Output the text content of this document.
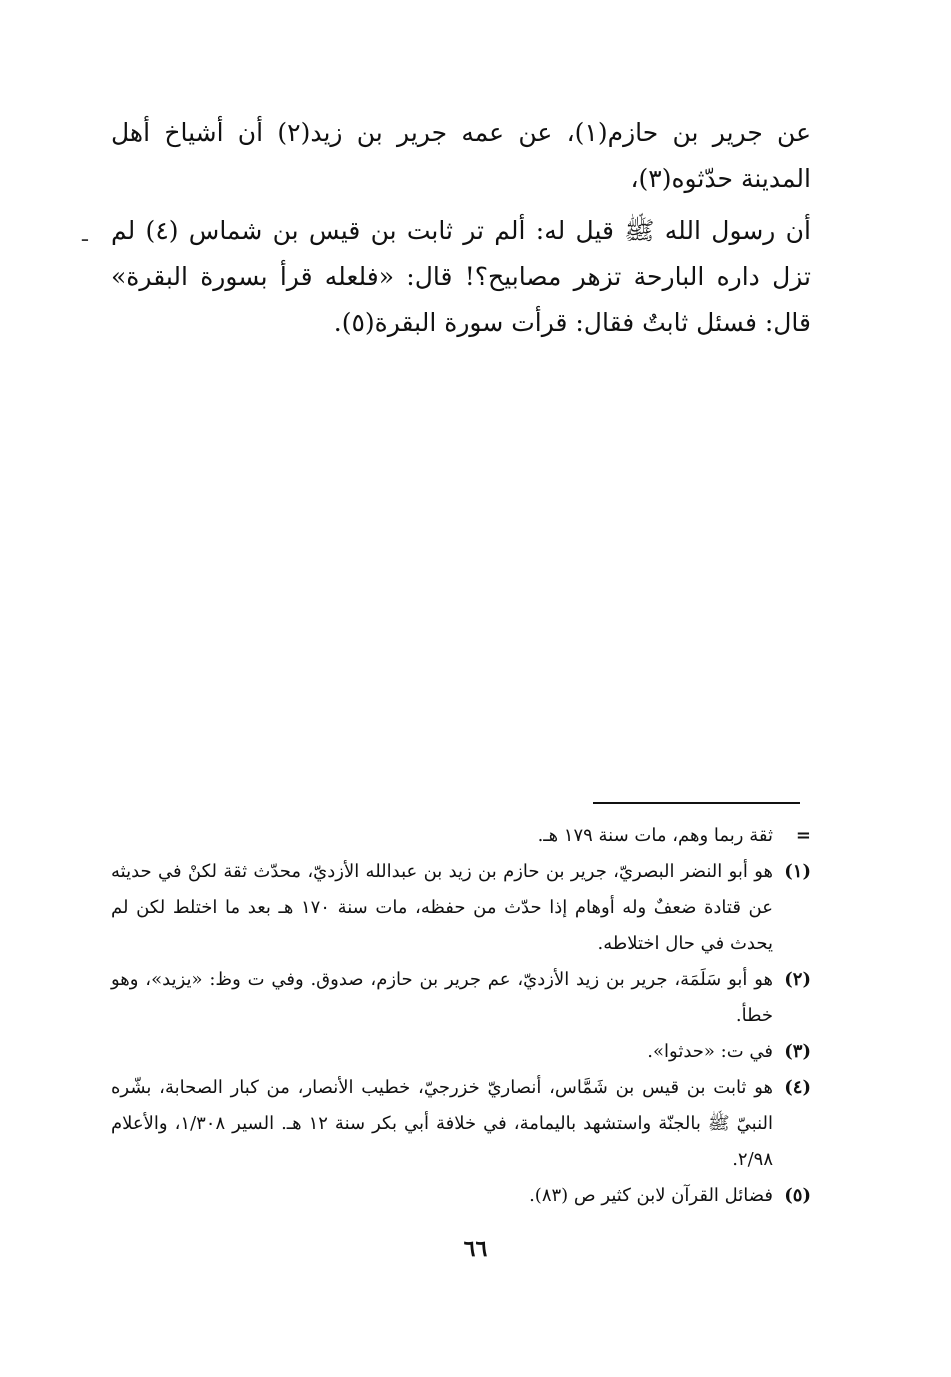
عن جرير بن حازم(١)، عن عمه جرير بن زيد(٢) أن أشياخ أهل المدينة حدّثوه(٣)،
أن رسول الله ﷺ قيل له: ألم تر ثابت بن قيس بن شماس (٤) لم تزل داره البارحة تزهر مصابيح؟! قال: «فلعله قرأ بسورة البقرة» قال: فسئل ثابتٌ فقال: قرأت سورة البقرة(٥).
ـ
=
ثقة ربما وهم، مات سنة ١٧٩ هـ.
(١)
هو أبو النضر البصريّ، جرير بن حازم بن زيد بن عبدالله الأزديّ، محدّث ثقة لكنْ في حديثه عن قتادة ضعفٌ وله أوهام إذا حدّث من حفظه، مات سنة ١٧٠ هـ بعد ما اختلط لكن لم يحدث في حال اختلاطه.
(٢)
هو أبو سَلَمَة، جرير بن زيد الأزديّ، عم جرير بن حازم، صدوق. وفي ت وظ: «يزيد»، وهو خطأ.
(٣)
في ت: «حدثوا».
(٤)
هو ثابت بن قيس بن شَمَّاس، أنصاريّ خزرجيّ، خطيب الأنصار، من كبار الصحابة، بشّره النبيّ ﷺ بالجنّة واستشهد باليمامة، في خلافة أبي بكر سنة ١٢ هـ. السير ١/٣٠٨، والأعلام ٢/٩٨.
(٥)
فضائل القرآن لابن كثير ص (٨٣).
٦٦
